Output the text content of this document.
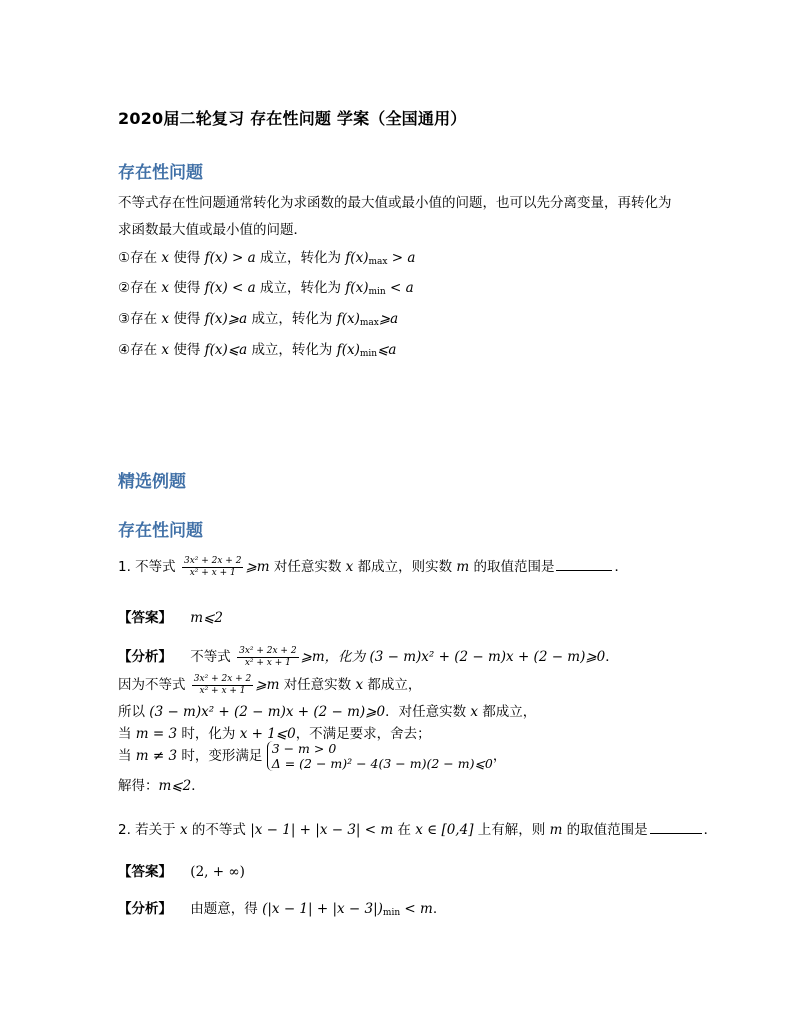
2020届二轮复习 存在性问题 学案（全国通用）
存在性问题
不等式存在性问题通常转化为求函数的最大值或最小值的问题，也可以先分离变量，再转化为
求函数最大值或最小值的问题．
①存在 x 使得 f(x) > a 成立，转化为 $f(x)_{max} > a$
②存在 x 使得 f(x) < a 成立，转化为 $f(x)_{min} < a$
③存在 x 使得 f(x)⩾a 成立，转化为 $f(x)_{max}⩾a$
④存在 x 使得 f(x)⩽a 成立，转化为 $f(x)_{min}⩽a$
精选例题
存在性问题
1. 不等式 $\frac{\text{3x² + 2x + 2}}{\text{x² + x + 1}}$ ⩾m 对任意实数 x 都成立，则实数 m 的取值范围是	．
【答案】 m⩽2
【分析】 不等式 $\frac{\text{3x² + 2x + 2}}{\text{x² + x + 1}}$ ⩾m，化为 (3 − m)x² + (2 − m)x + (2 − m)⩾0．
因为不等式 $\frac{\text{3x² + 2x + 2}}{\text{x² + x + 1}}$ ⩾m 对任意实数 x 都成立，
所以 (3 − m)x² + (2 − m)x + (2 − m)⩾0．对任意实数 x 都成立，
当 m = 3 时，化为 x + 1⩽0，不满足要求，舍去；
当 m ≠ 3 时，变形满足 3 − m > 0
Δ = (2 − m)² − 4(3 − m)(2 − m)⩽0 ，
解得：m⩽2．
2. 若关于 x 的不等式 |x − 1| + |x − 3| < m 在 x ∈ [0,4] 上有解，则 m 的取值范围是	．
【答案】 (2, + ∞)
【分析】 由题意，得 $(|x - 1| + |x - 3|)_{min} < m$.
